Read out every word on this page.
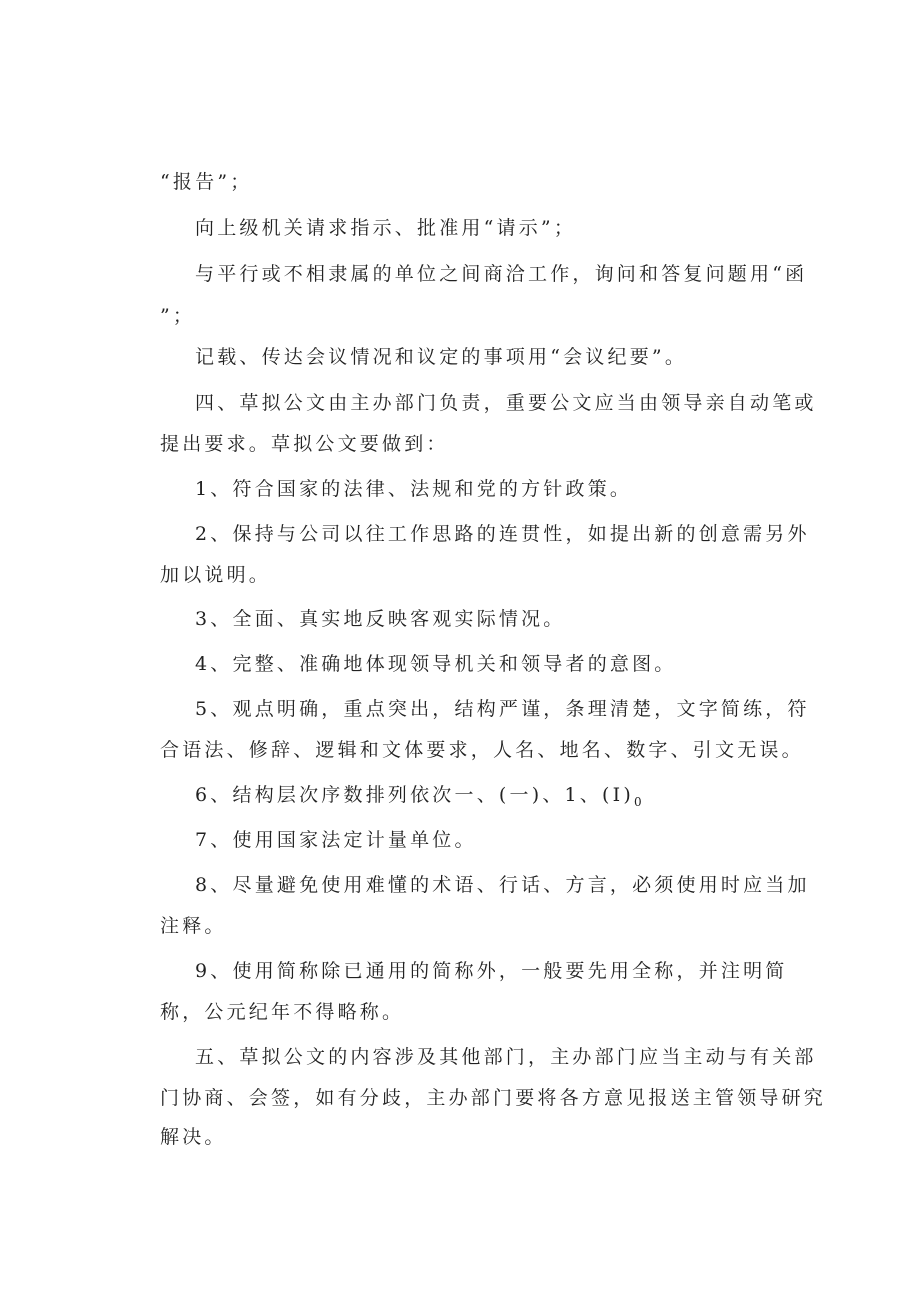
“报告”；
向上级机关请求指示、批准用“请示”；
与平行或不相隶属的单位之间商洽工作，询问和答复问题用“函
”；
记载、传达会议情况和议定的事项用“会议纪要”。
四、草拟公文由主办部门负责，重要公文应当由领导亲自动笔或
提出要求。草拟公文要做到：
1、符合国家的法律、法规和党的方针政策。
2、保持与公司以往工作思路的连贯性，如提出新的创意需另外
加以说明。
3、全面、真实地反映客观实际情况。
4、完整、准确地体现领导机关和领导者的意图。
5、观点明确，重点突出，结构严谨，条理清楚，文字简练，符
合语法、修辞、逻辑和文体要求，人名、地名、数字、引文无误。
6、结构层次序数排列依次一、(一)、1、$(I)_0$
7、使用国家法定计量单位。
8、尽量避免使用难懂的术语、行话、方言，必须使用时应当加
注释。
9、使用简称除已通用的简称外，一般要先用全称，并注明简
称，公元纪年不得略称。
五、草拟公文的内容涉及其他部门，主办部门应当主动与有关部
门协商、会签，如有分歧，主办部门要将各方意见报送主管领导研究
解决。
